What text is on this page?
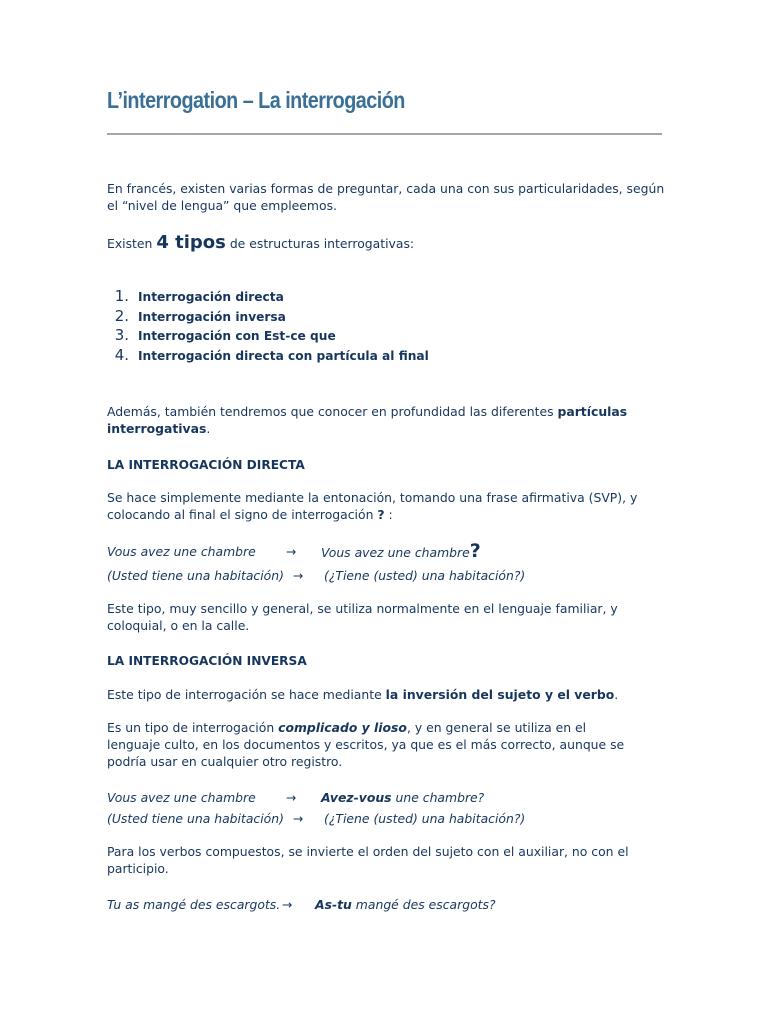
L’interrogation – La interrogación

En francés, existen varias formas de preguntar, cada una con sus particularidades, según el “nivel de lengua” que empleemos.

Existen 4 tipos de estructuras interrogativas:

1. Interrogación directa
2. Interrogación inversa
3. Interrogación con Est-ce que
4. Interrogación directa con partícula al final

Además, también tendremos que conocer en profundidad las diferentes partículas interrogativas.

LA INTERROGACIÓN DIRECTA

Se hace simplemente mediante la entonación, tomando una frase afirmativa (SVP), y colocando al final el signo de interrogación ? :

Vous avez une chambre → Vous avez une chambre?
(Usted tiene una habitación) → (¿Tiene (usted) una habitación?)

Este tipo, muy sencillo y general, se utiliza normalmente en el lenguaje familiar, y coloquial, o en la calle.

LA INTERROGACIÓN INVERSA

Este tipo de interrogación se hace mediante la inversión del sujeto y el verbo.

Es un tipo de interrogación complicado y lioso, y en general se utiliza en el lenguaje culto, en los documentos y escritos, ya que es el más correcto, aunque se podría usar en cualquier otro registro.

Vous avez une chambre → Avez-vous une chambre?
(Usted tiene una habitación) → (¿Tiene (usted) una habitación?)

Para los verbos compuestos, se invierte el orden del sujeto con el auxiliar, no con el participio.

Tu as mangé des escargots. → As-tu mangé des escargots?
